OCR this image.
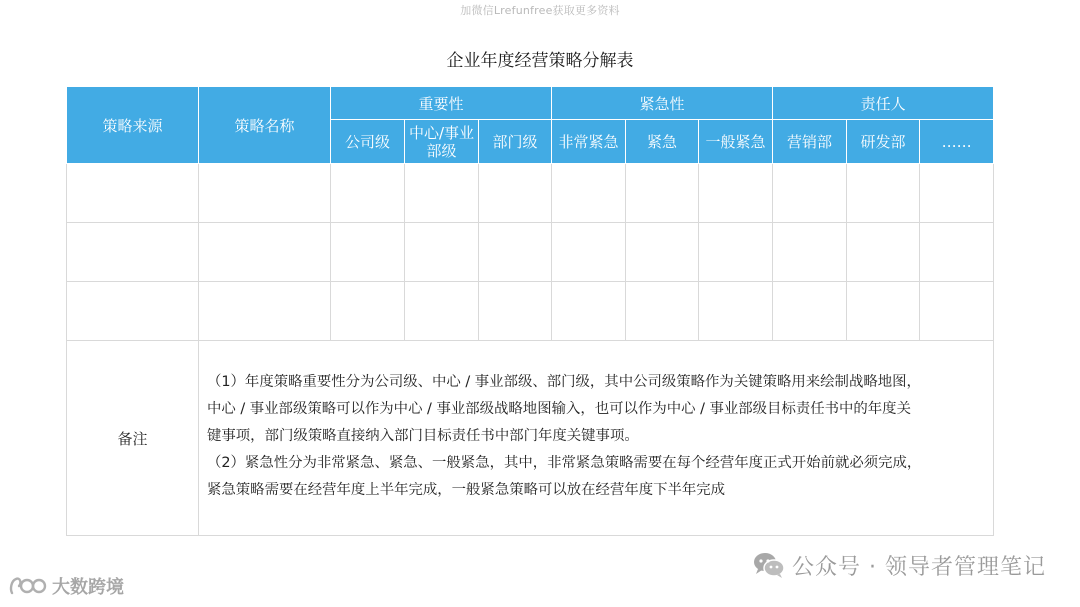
加微信Lrefunfree获取更多资料
企业年度经营策略分解表
策略来源	策略名称	重要性			紧急性			责任人		
		公司级	中心/事业部级	部门级	非常紧急	紧急	一般紧急	营销部	研发部	……

备注	（1）年度策略重要性分为公司级、中心 / 事业部级、部门级，其中公司级策略作为关键策略用来绘制战略地图，

中心 / 事业部级策略可以作为中心 / 事业部级战略地图输入，也可以作为中心 / 事业部级目标责任书中的年度关

键事项，部门级策略直接纳入部门目标责任书中部门年度关键事项。

（2）紧急性分为非常紧急、紧急、一般紧急，其中，非常紧急策略需要在每个经营年度正式开始前就必须完成，

紧急策略需要在经营年度上半年完成，一般紧急策略可以放在经营年度下半年完成									

大数跨境
公众号 · 领导者管理笔记
